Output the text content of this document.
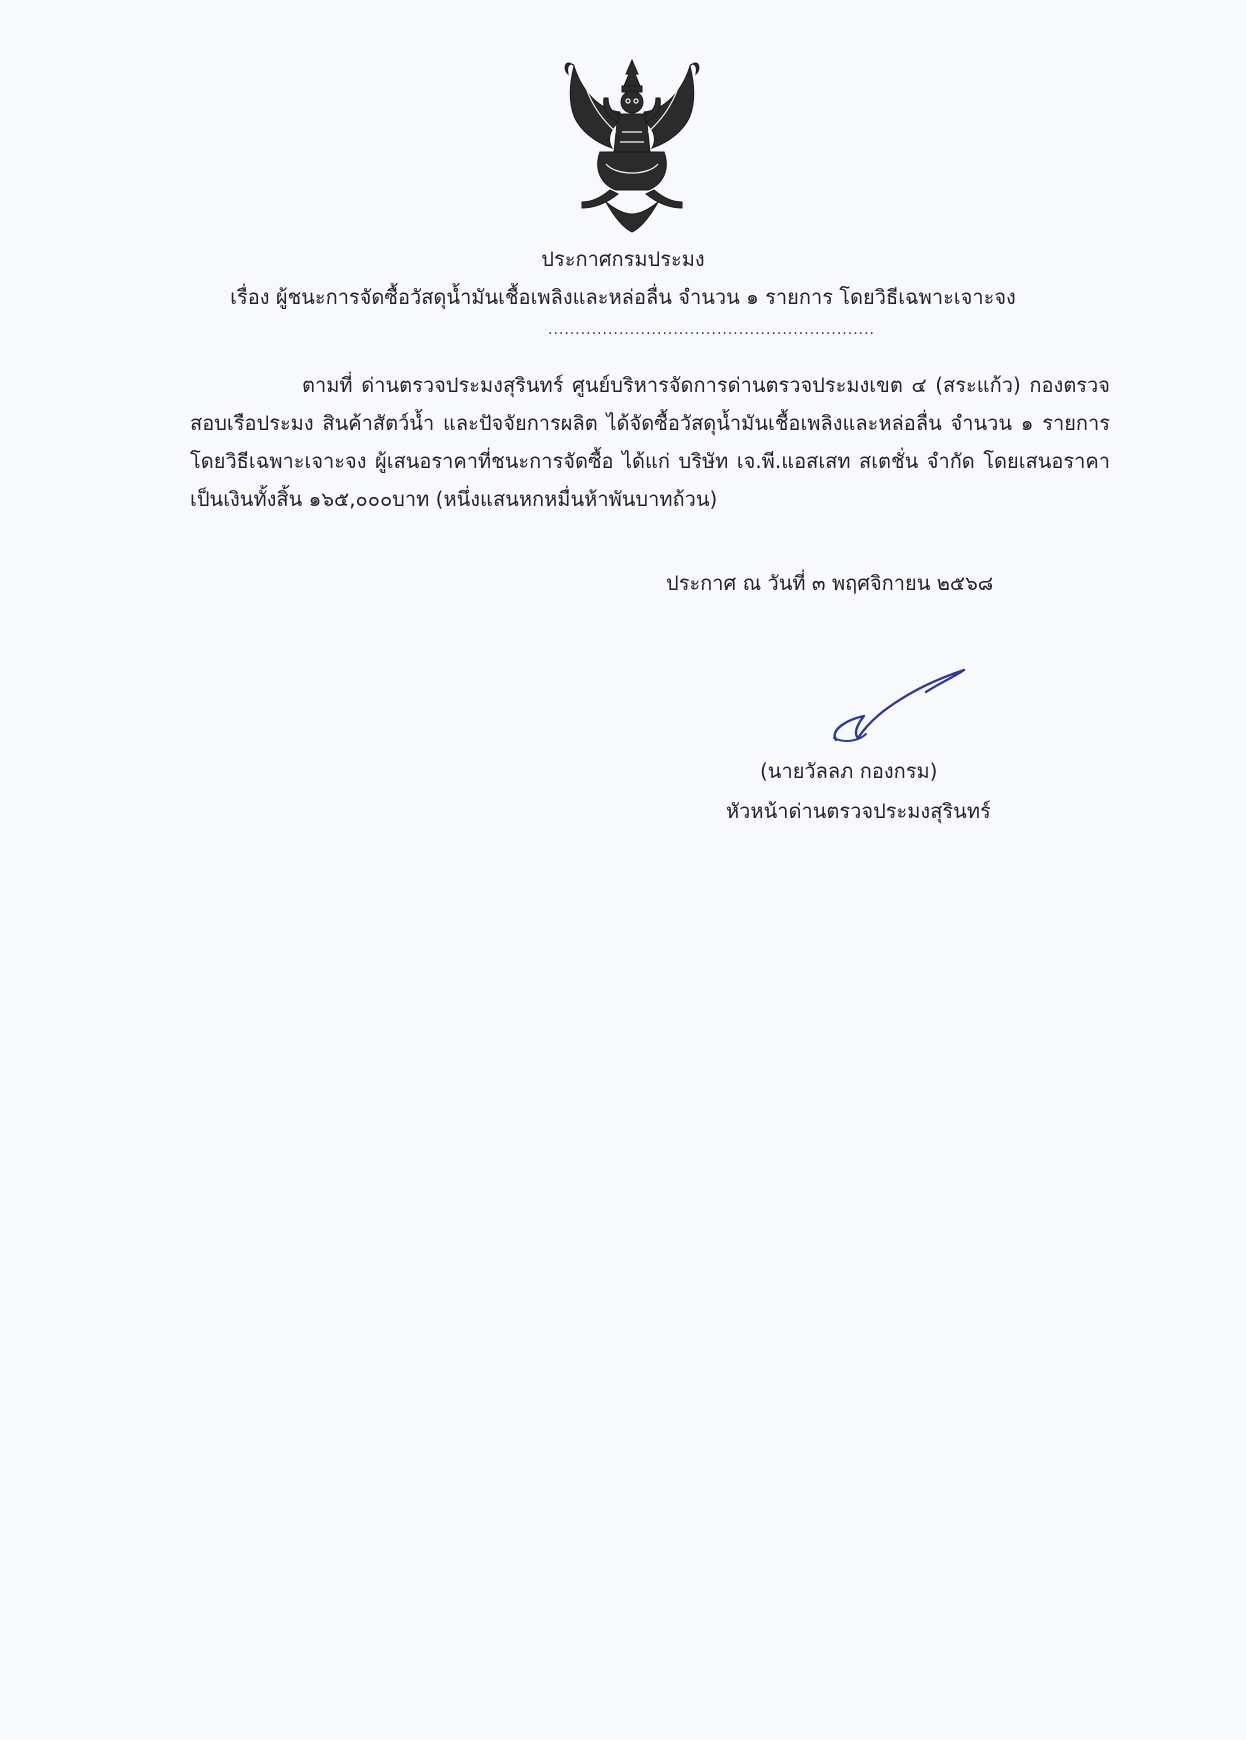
ประกาศกรมประมง
เรื่อง ผู้ชนะการจัดซื้อวัสดุน้ำมันเชื้อเพลิงและหล่อลื่น จำนวน ๑ รายการ โดยวิธีเฉพาะเจาะจง
............................................................

ตามที่ ด่านตรวจประมงสุรินทร์ ศูนย์บริหารจัดการด่านตรวจประมงเขต ๔ (สระแก้ว) กองตรวจสอบเรือประมง สินค้าสัตว์น้ำ และปัจจัยการผลิต ได้จัดซื้อวัสดุน้ำมันเชื้อเพลิงและหล่อลื่น จำนวน ๑ รายการ โดยวิธีเฉพาะเจาะจง ผู้เสนอราคาที่ชนะการจัดซื้อ ได้แก่ บริษัท เจ.พี.แอสเสท สเตชั่น จำกัด โดยเสนอราคา เป็นเงินทั้งสิ้น ๑๖๕,๐๐๐บาท (หนึ่งแสนหกหมื่นห้าพันบาทถ้วน)

ประกาศ ณ วันที่ ๓ พฤศจิกายน ๒๕๖๘
(นายวัลลภ กองกรม)
หัวหน้าด่านตรวจประมงสุรินทร์
